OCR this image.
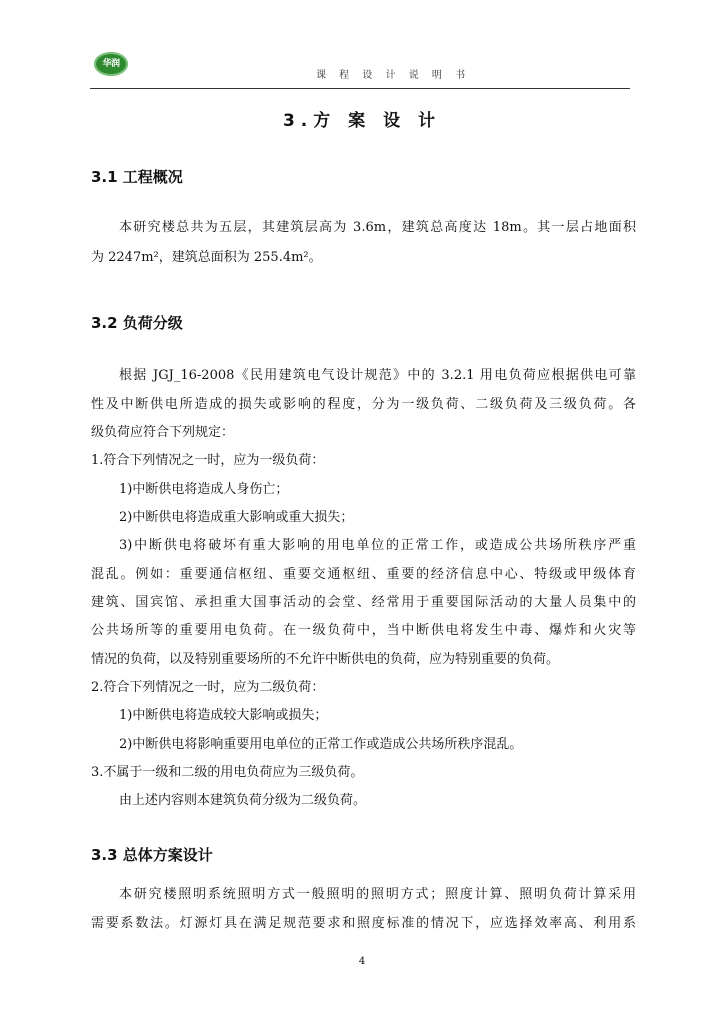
华润
课 程 设 计 说 明 书
3.方 案 设 计
3.1 工程概况
本研究楼总共为五层，其建筑层高为 3.6m，建筑总高度达 18m。其一层占地面积
为 2247m²，建筑总面积为 255.4m²。
3.2 负荷分级
根据 JGJ_16-2008《民用建筑电气设计规范》中的 3.2.1 用电负荷应根据供电可靠
性及中断供电所造成的损失或影响的程度，分为一级负荷、二级负荷及三级负荷。各
级负荷应符合下列规定：
1.符合下列情况之一时，应为一级负荷：
1)中断供电将造成人身伤亡；
2)中断供电将造成重大影响或重大损失；
3)中断供电将破坏有重大影响的用电单位的正常工作，或造成公共场所秩序严重
混乱。例如：重要通信枢纽、重要交通枢纽、重要的经济信息中心、特级或甲级体育
建筑、国宾馆、承担重大国事活动的会堂、经常用于重要国际活动的大量人员集中的
公共场所等的重要用电负荷。在一级负荷中，当中断供电将发生中毒、爆炸和火灾等
情况的负荷，以及特别重要场所的不允许中断供电的负荷，应为特别重要的负荷。
2.符合下列情况之一时，应为二级负荷：
1)中断供电将造成较大影响或损失；
2)中断供电将影响重要用电单位的正常工作或造成公共场所秩序混乱。
3.不属于一级和二级的用电负荷应为三级负荷。
由上述内容则本建筑负荷分级为二级负荷。
3.3 总体方案设计
本研究楼照明系统照明方式一般照明的照明方式；照度计算、照明负荷计算采用
需要系数法。灯源灯具在满足规范要求和照度标准的情况下，应选择效率高、利用系
4
